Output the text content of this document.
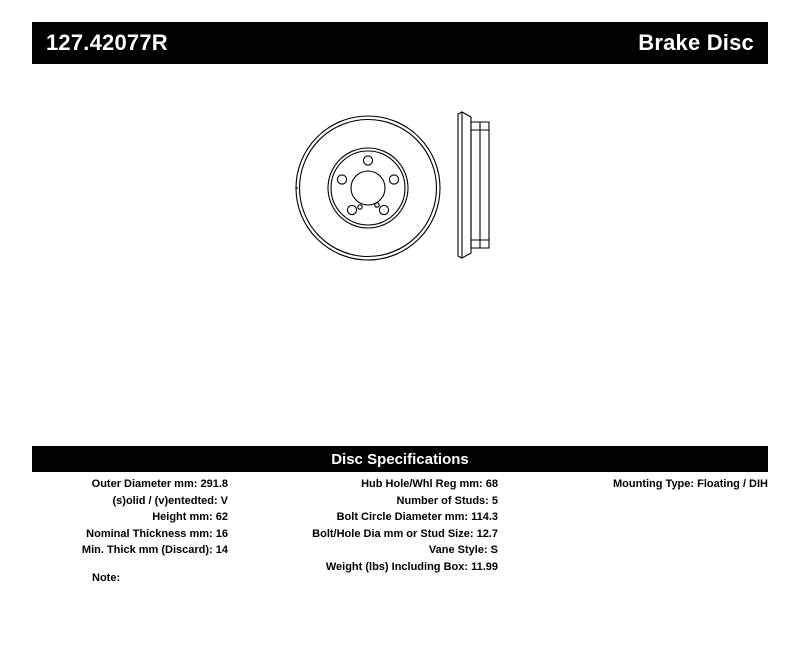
127.42077R	Brake Disc
Disc Specifications
Outer Diameter mm: 291.8
(s)olid / (v)entedted: V
Height mm: 62
Nominal Thickness mm: 16
Min. Thick mm (Discard): 14
Hub Hole/Whl Reg mm: 68
Number of Studs: 5
Bolt Circle Diameter mm: 114.3
Bolt/Hole Dia mm or Stud Size: 12.7
Vane Style: S
Weight (lbs) Including Box: 11.99
Mounting Type: Floating / DIH
Note:
